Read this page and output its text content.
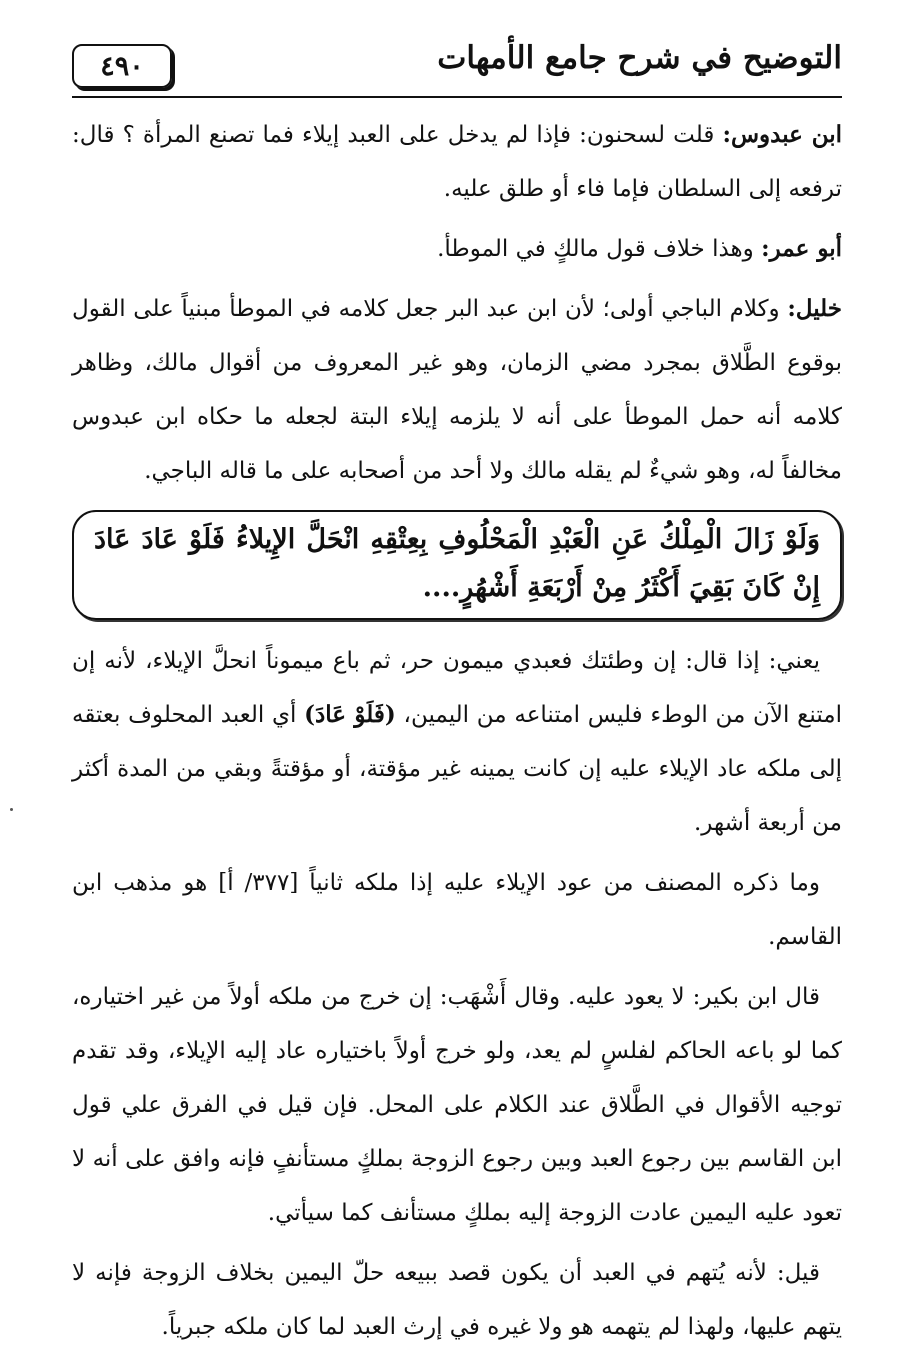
التوضيح في شرح جامع الأمهات
٤٩٠

ابن عبدوس: قلت لسحنون: فإذا لم يدخل على العبد إيلاء فما تصنع المرأة ؟ قال: ترفعه إلى السلطان فإما فاء أو طلق عليه.

أبو عمر: وهذا خلاف قول مالكٍ في الموطأ.

خليل: وكلام الباجي أولى؛ لأن ابن عبد البر جعل كلامه في الموطأ مبنياً على القول بوقوع الطَّلاق بمجرد مضي الزمان، وهو غير المعروف من أقوال مالك، وظاهر كلامه أنه حمل الموطأ على أنه لا يلزمه إيلاء البتة لجعله ما حكاه ابن عبدوس مخالفاً له، وهو شيءٌ لم يقله مالك ولا أحد من أصحابه على ما قاله الباجي.

وَلَوْ زَالَ الْمِلْكُ عَنِ الْعَبْدِ الْمَحْلُوفِ بِعِتْقِهِ انْحَلَّ الإِيلاءُ فَلَوْ عَادَ عَادَ إِنْ كَانَ بَقِيَ أَكْثَرُ مِنْ أَرْبَعَةِ أَشْهُرٍ....

يعني: إذا قال: إن وطئتك فعبدي ميمون حر، ثم باع ميموناً انحلَّ الإيلاء، لأنه إن امتنع الآن من الوطء فليس امتناعه من اليمين، (فَلَوْ عَادَ) أي العبد المحلوف بعتقه إلى ملكه عاد الإيلاء عليه إن كانت يمينه غير مؤقتة، أو مؤقتةً وبقي من المدة أكثر من أربعة أشهر.

وما ذكره المصنف من عود الإيلاء عليه إذا ملكه ثانياً [٣٧٧/ أ] هو مذهب ابن القاسم.

قال ابن بكير: لا يعود عليه. وقال أَشْهَب: إن خرج من ملكه أولاً من غير اختياره، كما لو باعه الحاكم لفلسٍ لم يعد، ولو خرج أولاً باختياره عاد إليه الإيلاء، وقد تقدم توجيه الأقوال في الطَّلاق عند الكلام على المحل. فإن قيل في الفرق علي قول ابن القاسم بين رجوع العبد وبين رجوع الزوجة بملكٍ مستأنفٍ فإنه وافق على أنه لا تعود عليه اليمين عادت الزوجة إليه بملكٍ مستأنف كما سيأتي.

قيل: لأنه يُتهم في العبد أن يكون قصد ببيعه حلّ اليمين بخلاف الزوجة فإنه لا يتهم عليها، ولهذا لم يتهمه هو ولا غيره في إرث العبد لما كان ملكه جبرياً.
